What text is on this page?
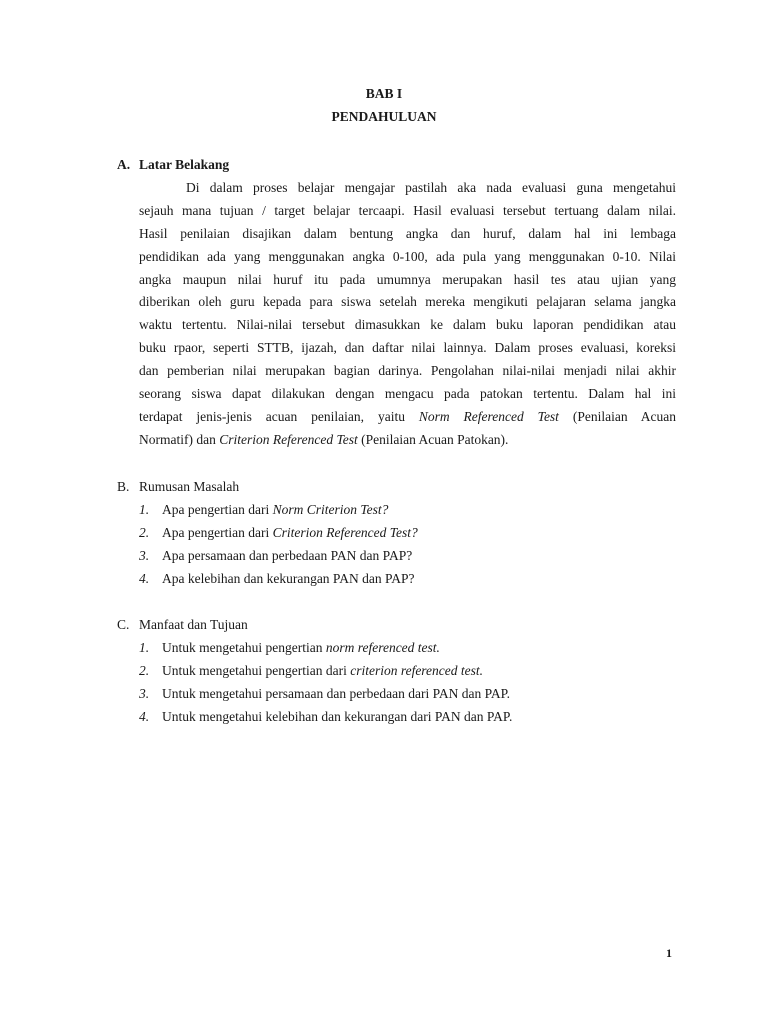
BAB I
PENDAHULUAN
A. Latar Belakang
Di dalam proses belajar mengajar pastilah aka nada evaluasi guna mengetahui
sejauh mana tujuan / target belajar tercaapi. Hasil evaluasi tersebut tertuang dalam nilai.
Hasil penilaian disajikan dalam bentung angka dan huruf, dalam hal ini lembaga
pendidikan ada yang menggunakan angka 0-100, ada pula yang menggunakan 0-10. Nilai
angka maupun nilai huruf itu pada umumnya merupakan hasil tes atau ujian yang
diberikan oleh guru kepada para siswa setelah mereka mengikuti pelajaran selama jangka
waktu tertentu. Nilai-nilai tersebut dimasukkan ke dalam buku laporan pendidikan atau
buku rpaor, seperti STTB, ijazah, dan daftar nilai lainnya. Dalam proses evaluasi, koreksi
dan pemberian nilai merupakan bagian darinya. Pengolahan nilai-nilai menjadi nilai akhir
seorang siswa dapat dilakukan dengan mengacu pada patokan tertentu. Dalam hal ini
terdapat jenis-jenis acuan penilaian, yaitu Norm Referenced Test (Penilaian Acuan
Normatif) dan Criterion Referenced Test (Penilaian Acuan Patokan).
B. Rumusan Masalah
1. Apa pengertian dari Norm Criterion Test?
2. Apa pengertian dari Criterion Referenced Test?
3. Apa persamaan dan perbedaan PAN dan PAP?
4. Apa kelebihan dan kekurangan PAN dan PAP?
C. Manfaat dan Tujuan
1. Untuk mengetahui pengertian norm referenced test.
2. Untuk mengetahui pengertian dari criterion referenced test.
3. Untuk mengetahui persamaan dan perbedaan dari PAN dan PAP.
4. Untuk mengetahui kelebihan dan kekurangan dari PAN dan PAP.
1
